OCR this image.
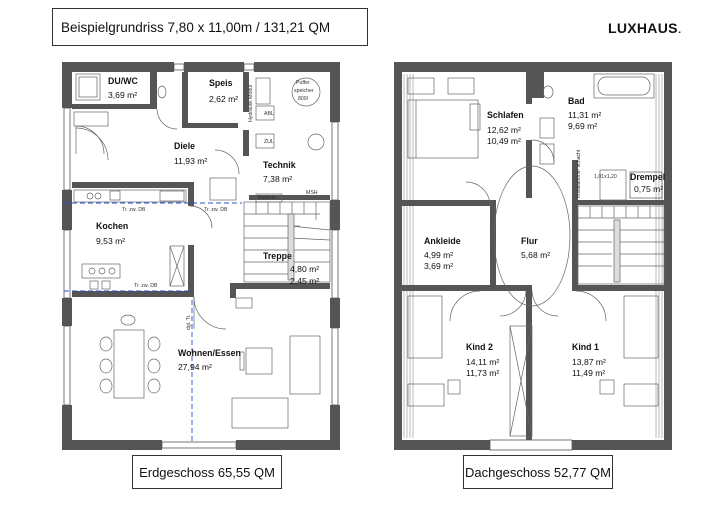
Beispielgrundriss 7,80 x 11,00m / 131,21 QM	LUXHAUS.
DU/WC
3,69 m²
Speis
2,62 m²
Diele
11,93 m²	Technik
7,38 m²
Kochen
9,53 m²
Treppe
4,80 m²
2,45 m²
Wohnen/Essen
27,94 m²
Puffer
speicher
800l
ZUL
ABL
Batterie
MSH
Hydraulik Modul
Tr. zw. DB	Tr. zw. DB
Tr. zw. DB
dgl. Tr.
Schlafen
12,62 m²
10,49 m²
Bad
11,31 m²
9,69 m²
Drempel
0,75 m²
Ankleide
4,99 m²
3,69 m²
Flur
5,68 m²
Kind 2
14,11 m²
11,73 m²
Kind 1
13,87 m²
11,49 m²
1,01x1,20
Installations- schacht
Erdgeschoss 65,55 QM	Dachgeschoss 52,77 QM
